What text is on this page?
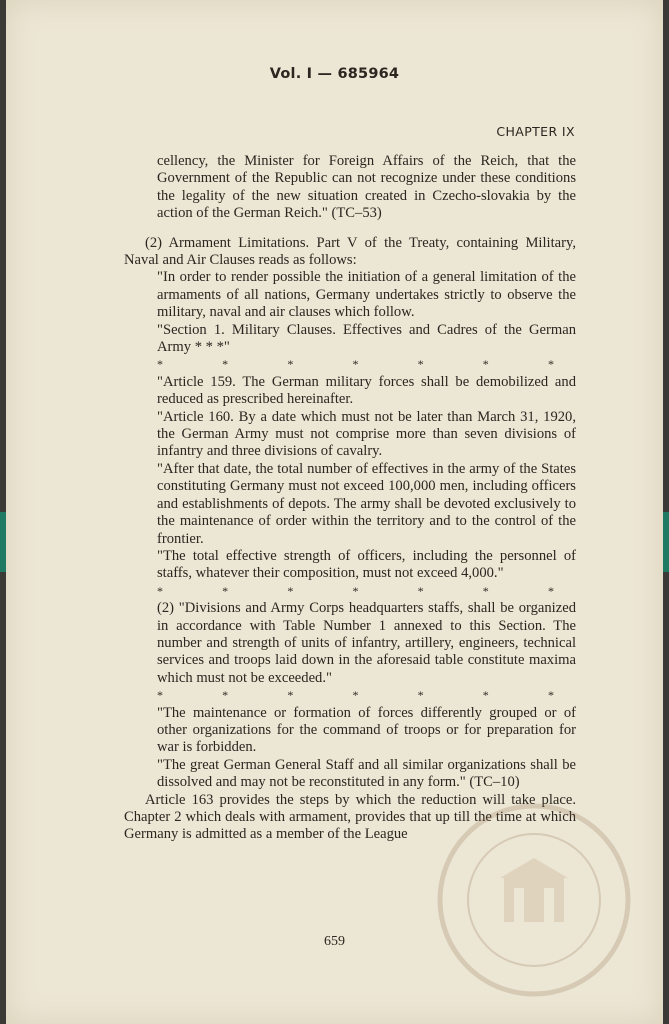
Vol. I — 685964
CHAPTER IX

cellency, the Minister for Foreign Affairs of the Reich, that the Government of the Republic can not recognize under these conditions the legality of the new situation created in Czecho-slovakia by the action of the German Reich." (TC–53)

(2) Armament Limitations. Part V of the Treaty, containing Military, Naval and Air Clauses reads as follows:

"In order to render possible the initiation of a general limitation of the armaments of all nations, Germany undertakes strictly to observe the military, naval and air clauses which follow.

"Section 1. Military Clauses. Effectives and Cadres of the German Army * * *"

*	*	*	*	*	*	*

"Article 159. The German military forces shall be demobilized and reduced as prescribed hereinafter.

"Article 160. By a date which must not be later than March 31, 1920, the German Army must not comprise more than seven divisions of infantry and three divisions of cavalry.

"After that date, the total number of effectives in the army of the States constituting Germany must not exceed 100,000 men, including officers and establishments of depots. The army shall be devoted exclusively to the maintenance of order within the territory and to the control of the frontier.

"The total effective strength of officers, including the personnel of staffs, whatever their composition, must not exceed 4,000."

*	*	*	*	*	*	*

(2) "Divisions and Army Corps headquarters staffs, shall be organized in accordance with Table Number 1 annexed to this Section. The number and strength of units of infantry, artillery, engineers, technical services and troops laid down in the aforesaid table constitute maxima which must not be exceeded."

*	*	*	*	*	*	*

"The maintenance or formation of forces differently grouped or of other organizations for the command of troops or for preparation for war is forbidden.

"The great German General Staff and all similar organizations shall be dissolved and may not be reconstituted in any form." (TC–10)

Article 163 provides the steps by which the reduction will take place. Chapter 2 which deals with armament, provides that up till the time at which Germany is admitted as a member of the League

659
